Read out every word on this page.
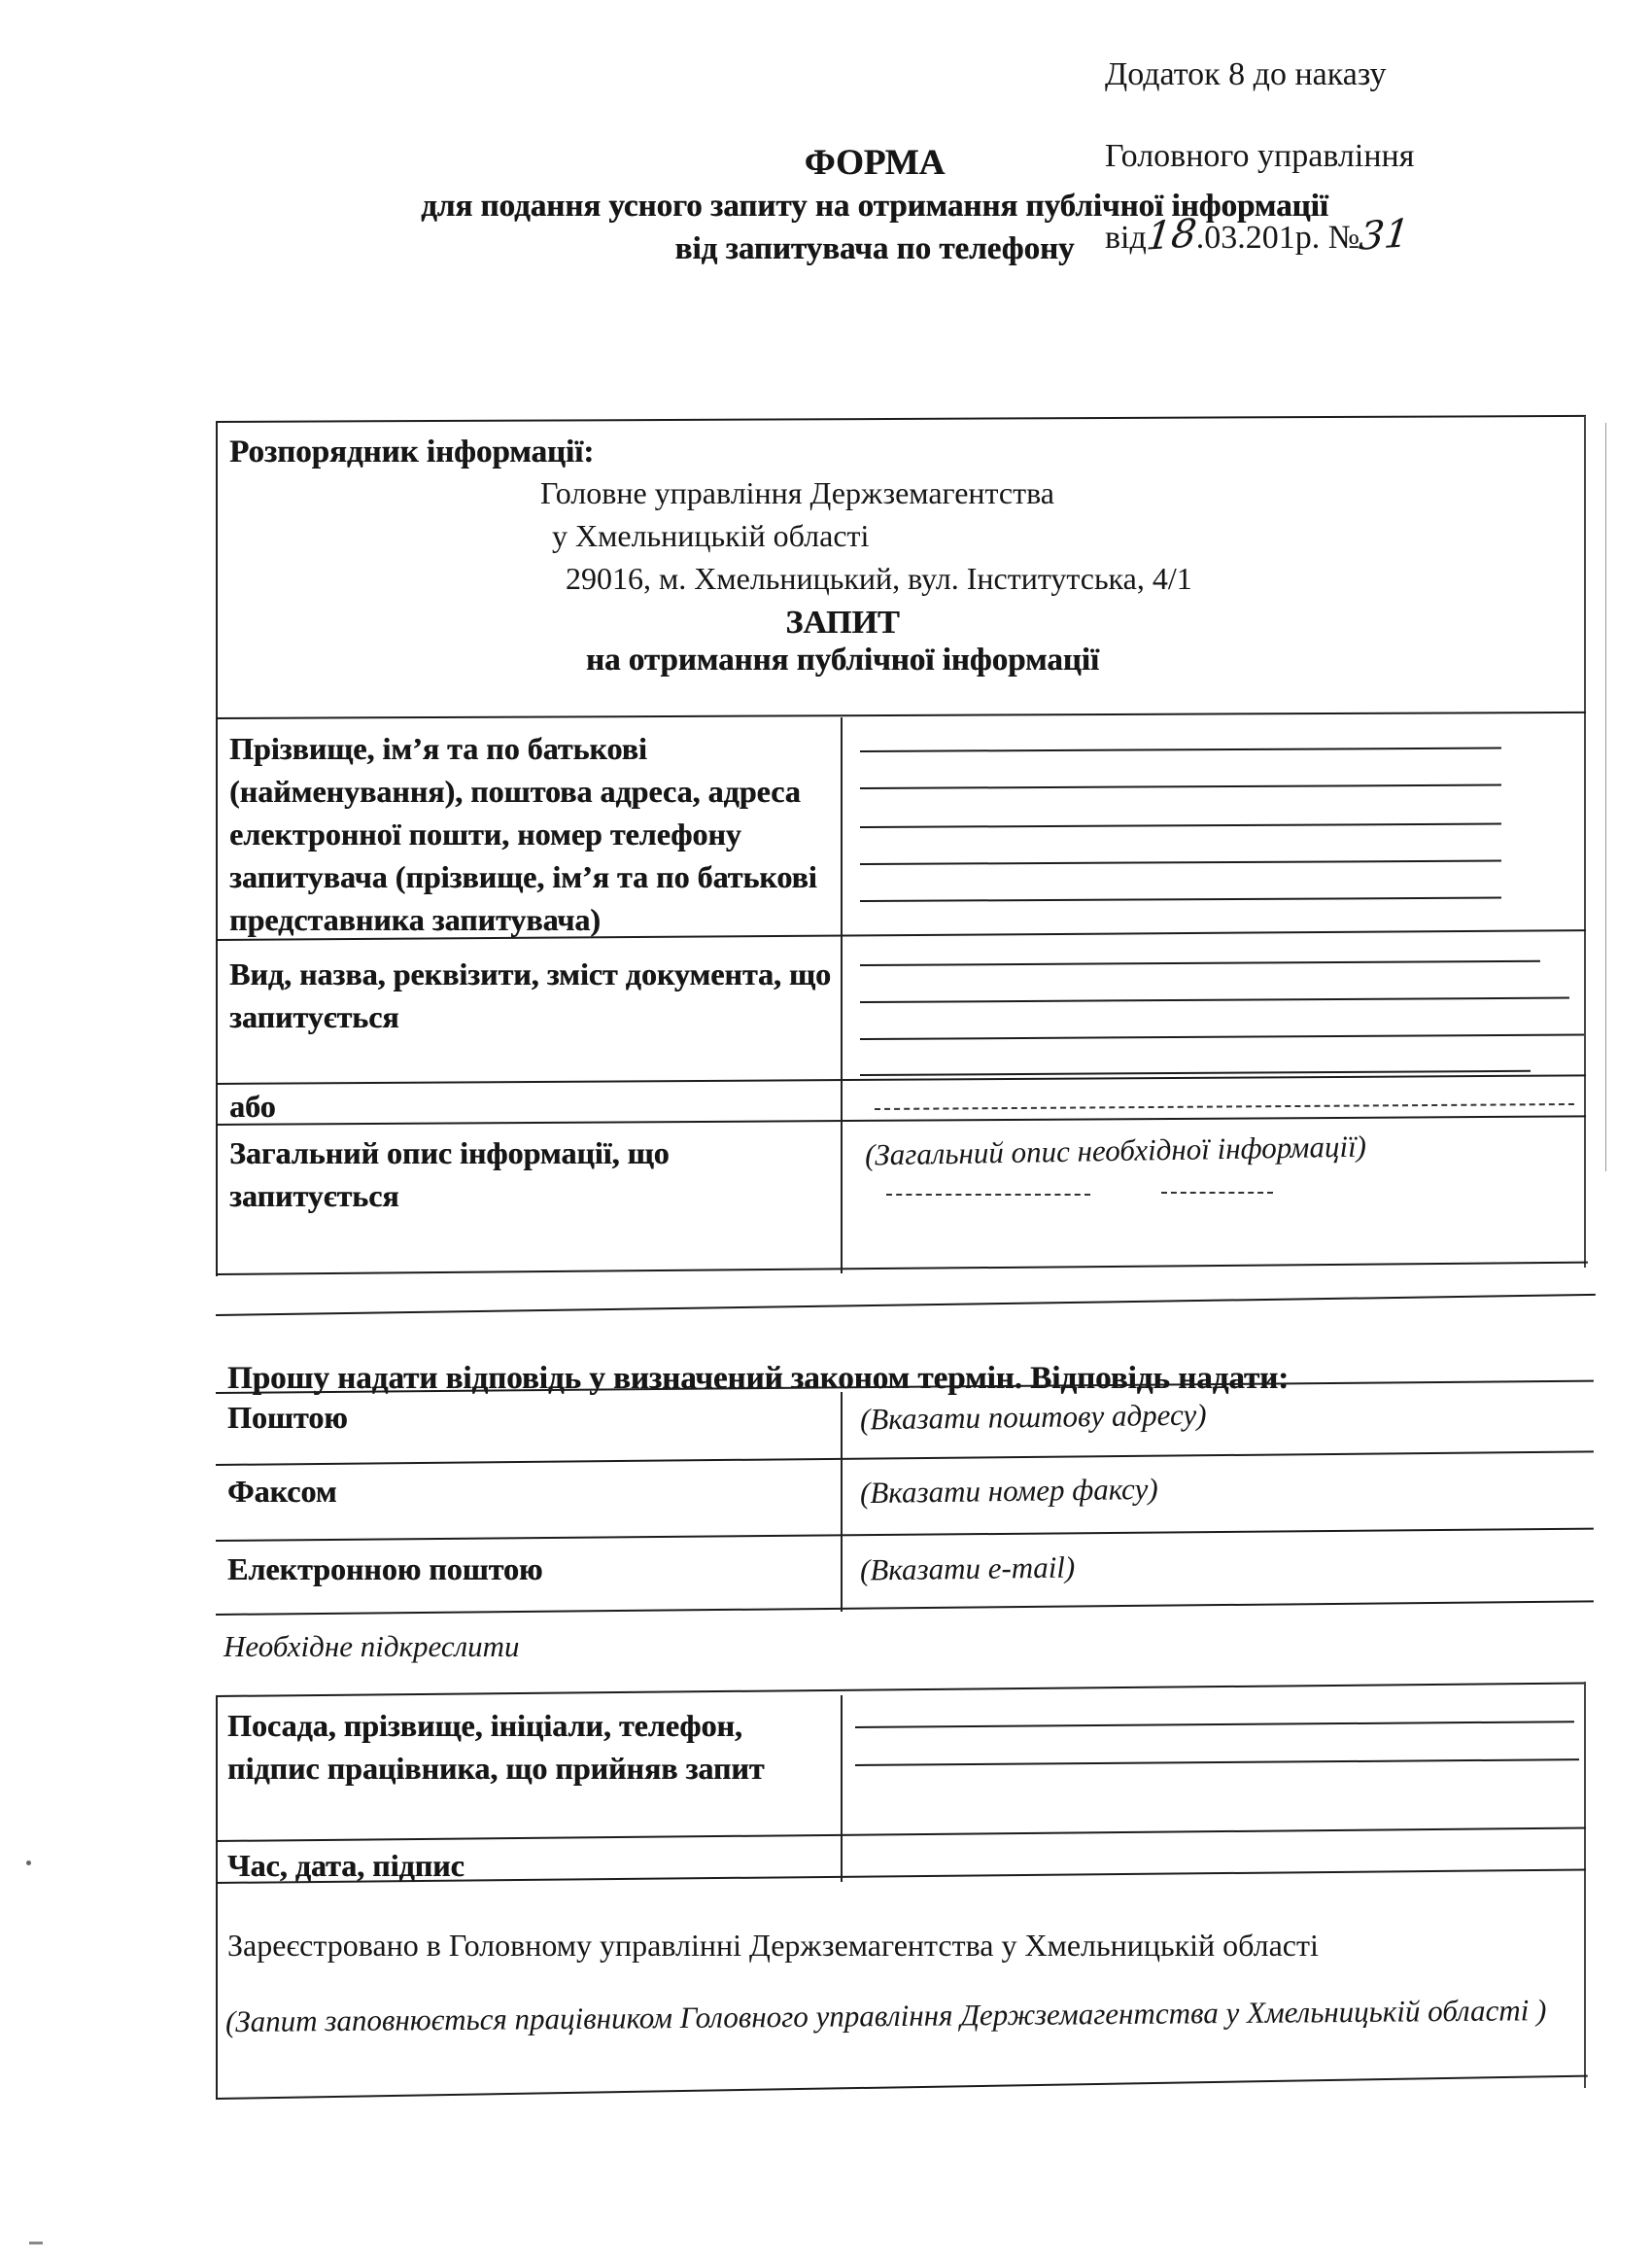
Додаток 8 до наказу

Головного управління

від18.03.201р. №31

ФОРМА
для подання усного запиту на отримання публічної інформації
від запитувача по телефону
Розпорядник інформації:
Головне управління Держземагентства
у Хмельницькій області
29016, м. Хмельницький, вул. Інститутська, 4/1
ЗАПИТ
на отримання публічної інформації
Прізвище, ім’я та по батькові (найменування), поштова адреса, адреса електронної пошти, номер телефону запитувача (прізвище, ім’я та по батькові представника запитувача)
Вид, назва, реквізити, зміст документа, що запитується
або
Загальний опис інформації, що запитується
(Загальний опис необхідної інформації)
Прошу надати відповідь у визначений законом термін. Відповідь надати:
Поштою	(Вказати поштову адресу)
Факсом	(Вказати номер факсу)
Електронною поштою	(Вказати e-mail)
Необхідне підкреслити
Посада, прізвище, ініціали, телефон, підпис працівника, що прийняв запит
Час, дата, підпис
Зареєстровано в Головному управлінні Держземагентства у Хмельницькій області
(Запит заповнюється працівником Головного управління Держземагентства у Хмельницькій області )
